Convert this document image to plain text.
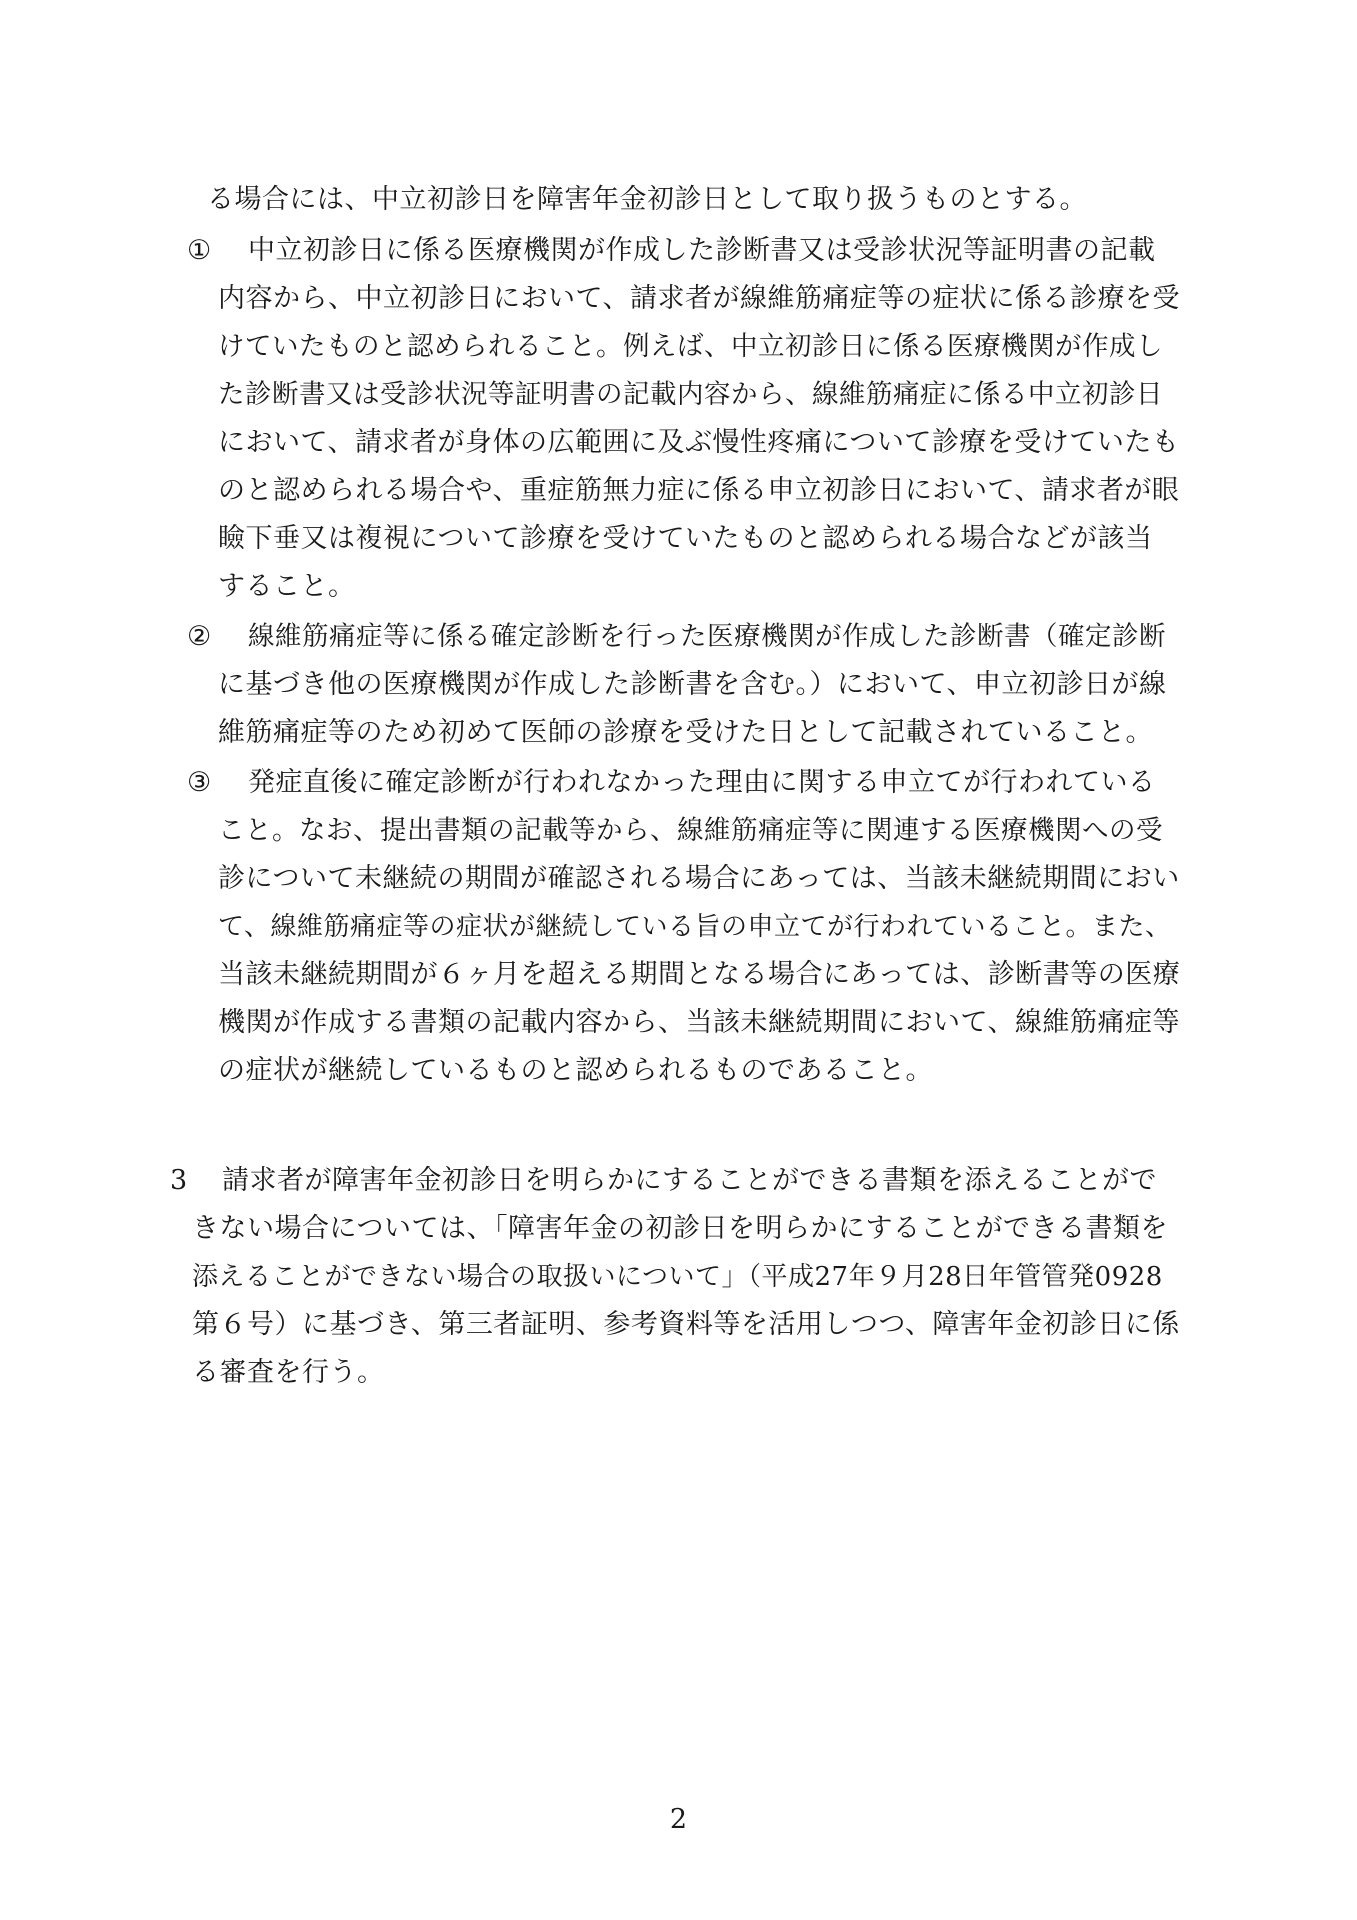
る場合には、中立初診日を障害年金初診日として取り扱うものとする。
① 中立初診日に係る医療機関が作成した診断書又は受診状況等証明書の記載
内容から、中立初診日において、請求者が線維筋痛症等の症状に係る診療を受
けていたものと認められること。例えば、中立初診日に係る医療機関が作成し
た診断書又は受診状況等証明書の記載内容から、線維筋痛症に係る中立初診日
において、請求者が身体の広範囲に及ぶ慢性疼痛について診療を受けていたも
のと認められる場合や、重症筋無力症に係る申立初診日において、請求者が眼
瞼下垂又は複視について診療を受けていたものと認められる場合などが該当
すること。
② 線維筋痛症等に係る確定診断を行った医療機関が作成した診断書（確定診断
に基づき他の医療機関が作成した診断書を含む。）において、申立初診日が線
維筋痛症等のため初めて医師の診療を受けた日として記載されていること。
③ 発症直後に確定診断が行われなかった理由に関する申立てが行われている
こと。なお、提出書類の記載等から、線維筋痛症等に関連する医療機関への受
診について未継続の期間が確認される場合にあっては、当該未継続期間におい
て、線維筋痛症等の症状が継続している旨の申立てが行われていること。また、
当該未継続期間が６ヶ月を超える期間となる場合にあっては、診断書等の医療
機関が作成する書類の記載内容から、当該未継続期間において、線維筋痛症等
の症状が継続しているものと認められるものであること。
3 請求者が障害年金初診日を明らかにすることができる書類を添えることがで
きない場合については、「障害年金の初診日を明らかにすることができる書類を
添えることができない場合の取扱いについて」（平成27年９月28日年管管発0928
第６号）に基づき、第三者証明、参考資料等を活用しつつ、障害年金初診日に係
る審査を行う。
2
